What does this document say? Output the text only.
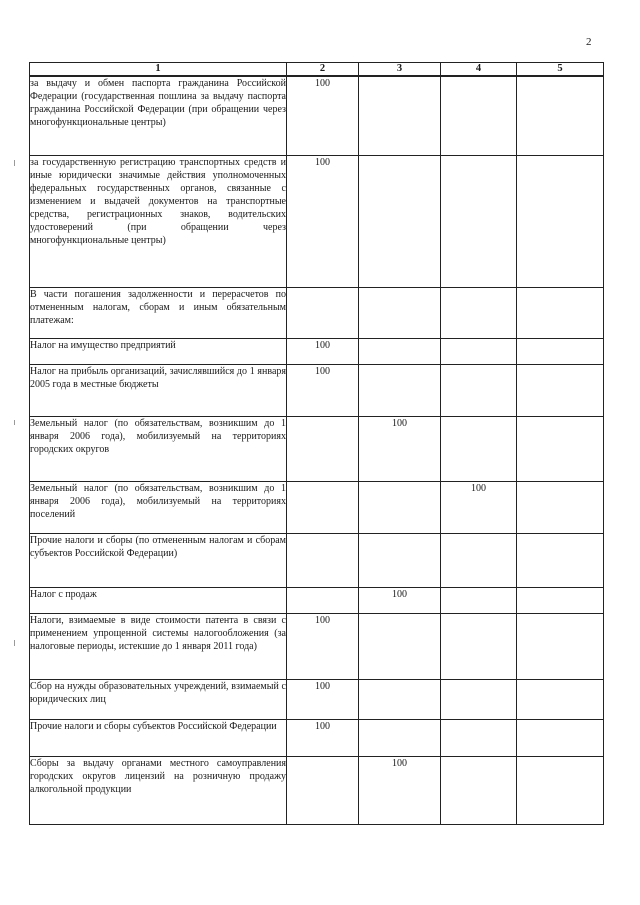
2
1	2	3	4	5
за выдачу и обмен паспорта гражданина Российской Федерации (государственная пошлина за выдачу паспорта гражданина Российской Федерации (при обращении через многофункциональные центры)	100			
за государственную регистрацию транспортных средств и иные юридически значимые действия уполномоченных федеральных государственных органов, связанные с изменением и выдачей документов на транспортные средства, регистрационных знаков, водительских удостоверений (при обращении через многофункциональные центры)	100			
В части погашения задолженности и перерасчетов по отмененным налогам, сборам и иным обязательным платежам:				
Налог на имущество предприятий	100			
Налог на прибыль организаций, зачислявшийся до 1 января 2005 года в местные бюджеты	100			
Земельный налог (по обязательствам, возникшим до 1 января 2006 года), мобилизуемый на территориях городских округов		100		
Земельный налог (по обязательствам, возникшим до 1 января 2006 года), мобилизуемый на территориях поселений			100	
Прочие налоги и сборы (по отмененным налогам и сборам субъектов Российской Федерации)				
Налог с продаж		100		
Налоги, взимаемые в виде стоимости патента в связи с применением упрощенной системы налогообложения (за налоговые периоды, истекшие до 1 января 2011 года)	100			
Сбор на нужды образовательных учреждений, взимаемый с юридических лиц	100			
Прочие налоги и сборы субъектов Российской Федерации	100			
Сборы за выдачу органами местного самоуправления городских округов лицензий на розничную продажу алкогольной продукции		100		
